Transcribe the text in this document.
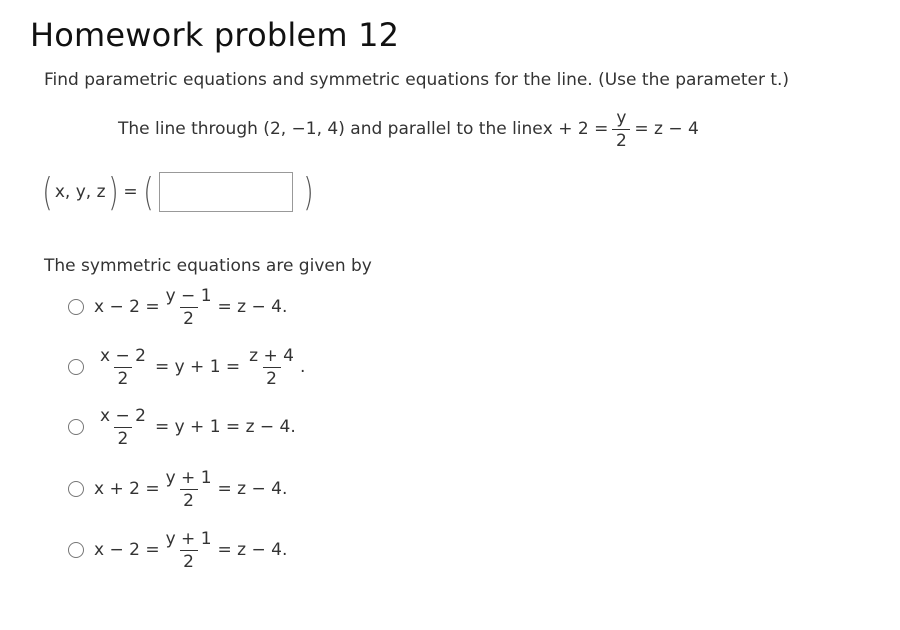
Homework problem 12
Find parametric equations and symmetric equations for the line. (Use the parameter t.)
The line through (2, −1, 4) and parallel to the line $x + 2 = \frac{y}{2} = z - 4$
( x, y, z ) = (	)
The symmetric equations are given by
$x - 2 = \frac{y - 1}{2} = z - 4$.
$\frac{x - 2}{2} = y + 1 = \frac{z + 4}{2}$ .
$\frac{x - 2}{2} = y + 1 = z - 4$.
$x + 2 = \frac{y + 1}{2} = z - 4$.
$x - 2 = \frac{y + 1}{2} = z - 4$.
